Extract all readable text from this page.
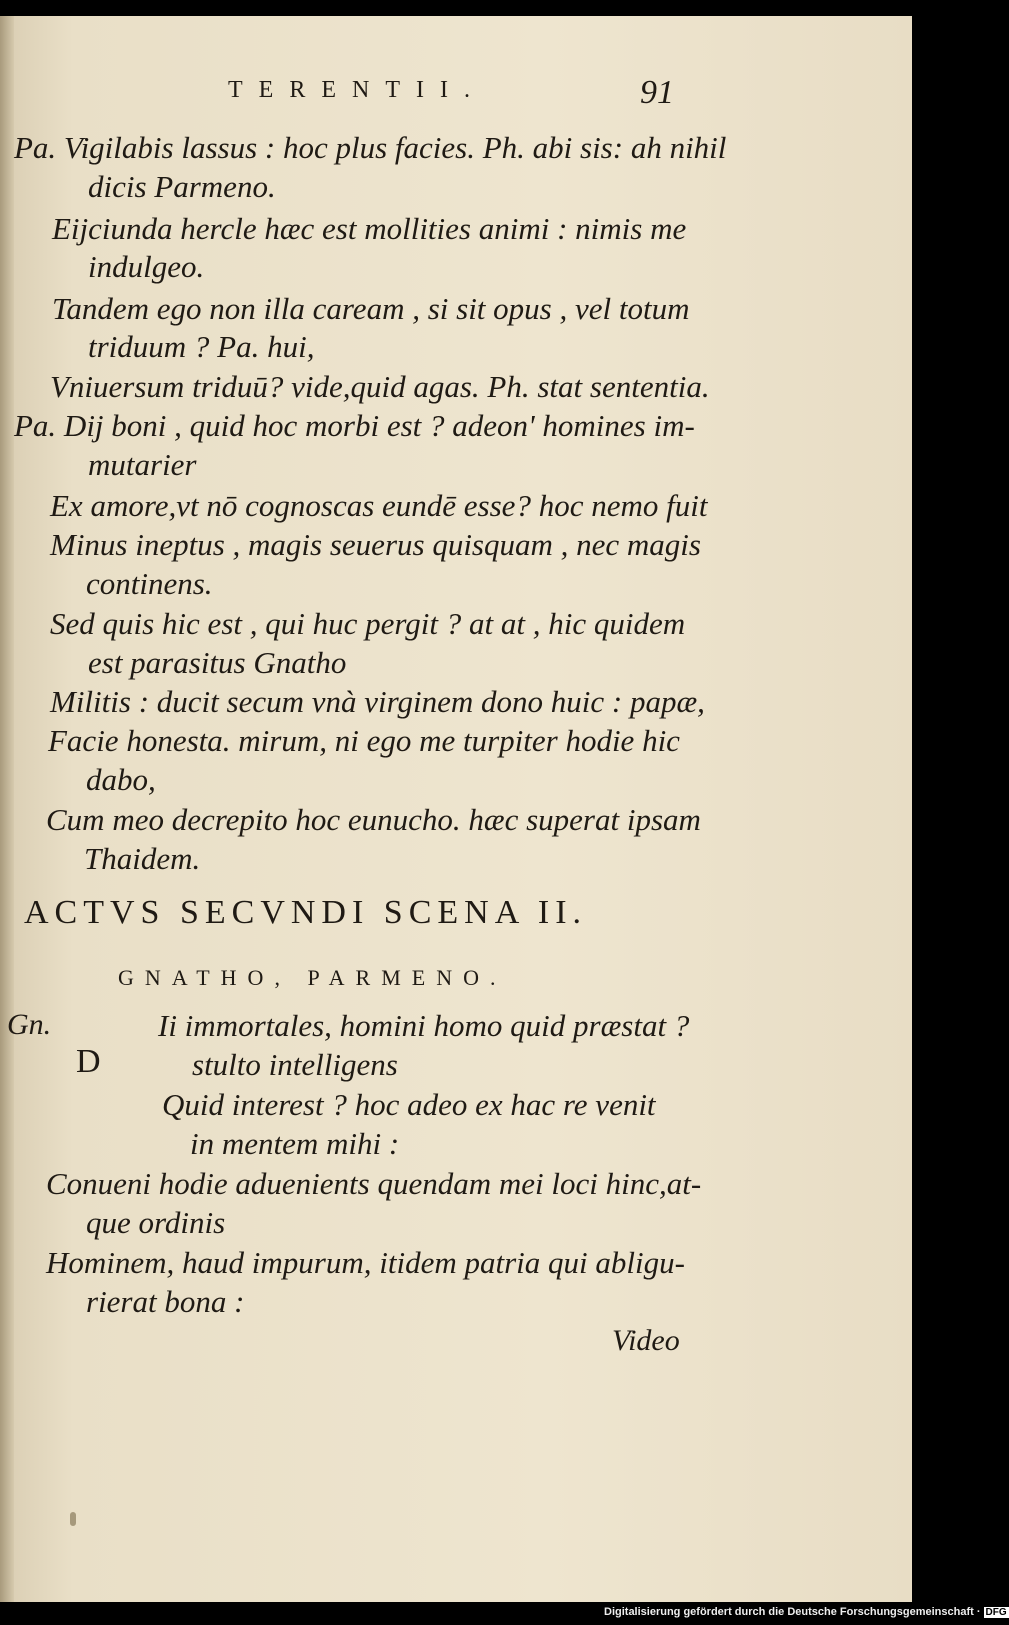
TERENTII.	91
Pa. Vigilabis lassus : hoc plus facies. Ph. abi sis: ah nihil
dicis Parmeno.
Eijciunda hercle hæc est mollities animi : nimis me
indulgeo.
Tandem ego non illa caream , si sit opus , vel totum
triduum ? Pa. hui,
Vniuersum triduū? vide,quid agas. Ph. stat sententia.
Pa. Dij boni , quid hoc morbi est ? adeon' homines im-
mutarier
Ex amore,vt nō cognoscas eundē esse? hoc nemo fuit
Minus ineptus , magis seuerus quisquam , nec magis
continens.
Sed quis hic est , qui huc pergit ? at at , hic quidem
est parasitus Gnatho
Militis : ducit secum vnà virginem dono huic : papæ,
Facie honesta. mirum, ni ego me turpiter hodie hic
dabo,
Cum meo decrepito hoc eunucho. hæc superat ipsam
Thaidem.
ACTVS SECVNDI SCENA II.
GNATHO, PARMENO.
Gn.
D
Ii immortales, homini homo quid præstat ?
stulto intelligens
Quid interest ? hoc adeo ex hac re venit
in mentem mihi :
Conueni hodie aduenients quendam mei loci hinc,at-
que ordinis
Hominem, haud impurum, itidem patria qui abligu-
rierat bona :
Video
Digitalisierung gefördert durch die Deutsche Forschungsgemeinschaft · DFG
